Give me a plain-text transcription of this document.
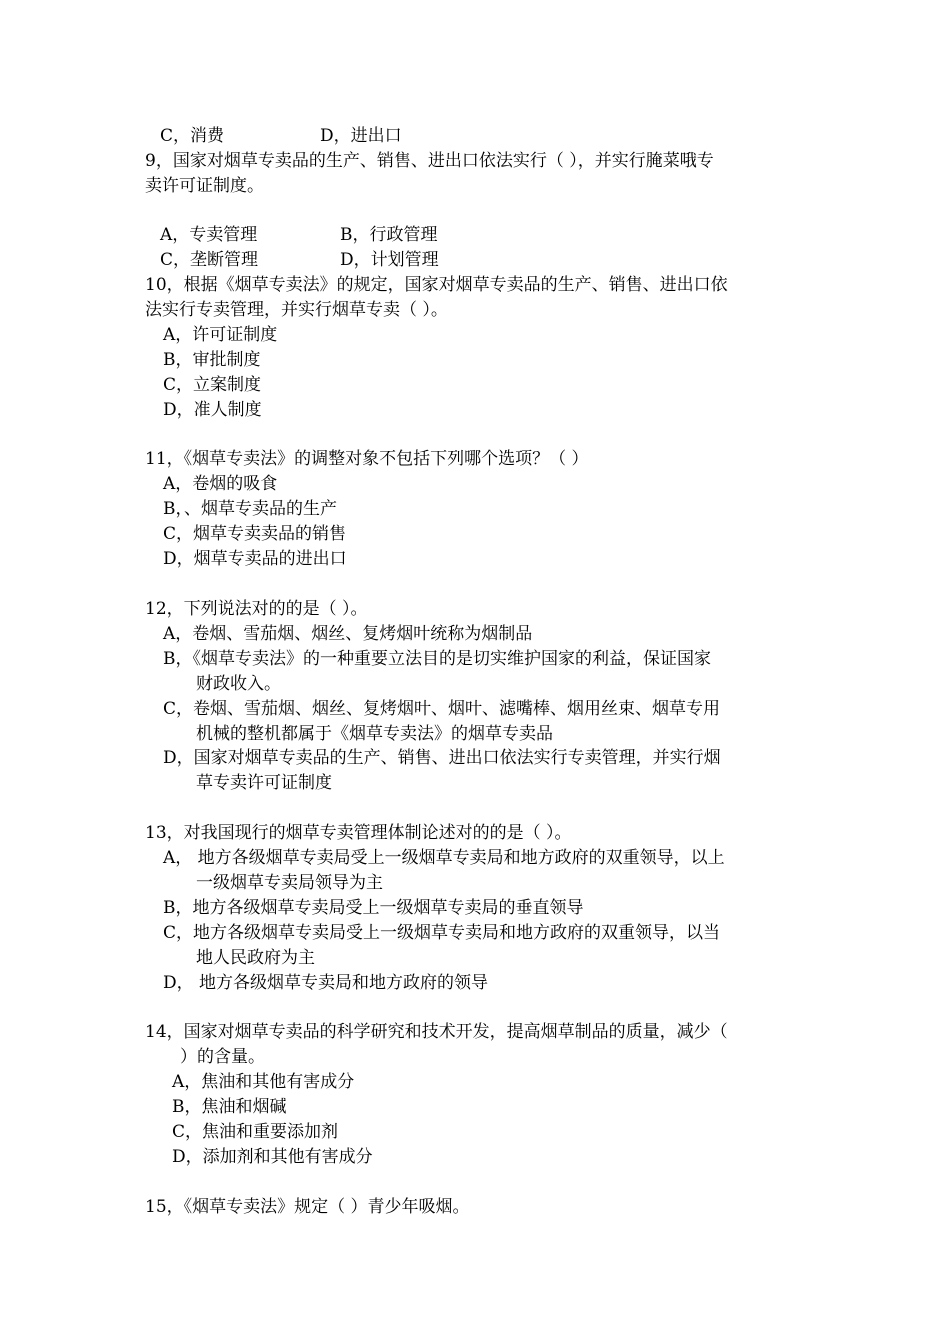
C，消费	D，进出口
9，国家对烟草专卖品的生产、销售、进出口依法实行（ ），并实行腌菜哦专
卖许可证制度。
A，专卖管理	B，行政管理
C，垄断管理	D，计划管理
10，根据《烟草专卖法》的规定，国家对烟草专卖品的生产、销售、进出口依
法实行专卖管理，并实行烟草专卖（ ）。
A，许可证制度
B，审批制度
C，立案制度
D，准人制度
11，《烟草专卖法》的调整对象不包括下列哪个选项？（ ）
A，卷烟的吸食
B，、烟草专卖品的生产
C，烟草专卖卖品的销售
D，烟草专卖品的进出口
12，下列说法对的的是（ ）。
A，卷烟、雪茄烟、烟丝、复烤烟叶统称为烟制品
B，《烟草专卖法》的一种重要立法目的是切实维护国家的利益，保证国家
财政收入。
C，卷烟、雪茄烟、烟丝、复烤烟叶、烟叶、滤嘴棒、烟用丝束、烟草专用
机械的整机都属于《烟草专卖法》的烟草专卖品
D，国家对烟草专卖品的生产、销售、进出口依法实行专卖管理，并实行烟
草专卖许可证制度
13，对我国现行的烟草专卖管理体制论述对的的是（ ）。
A， 地方各级烟草专卖局受上一级烟草专卖局和地方政府的双重领导，以上
一级烟草专卖局领导为主
B，地方各级烟草专卖局受上一级烟草专卖局的垂直领导
C，地方各级烟草专卖局受上一级烟草专卖局和地方政府的双重领导，以当
地人民政府为主
D， 地方各级烟草专卖局和地方政府的领导
14，国家对烟草专卖品的科学研究和技术开发，提高烟草制品的质量，减少（
）的含量。
A，焦油和其他有害成分
B，焦油和烟碱
C，焦油和重要添加剂
D，添加剂和其他有害成分
15，《烟草专卖法》规定（ ）青少年吸烟。
